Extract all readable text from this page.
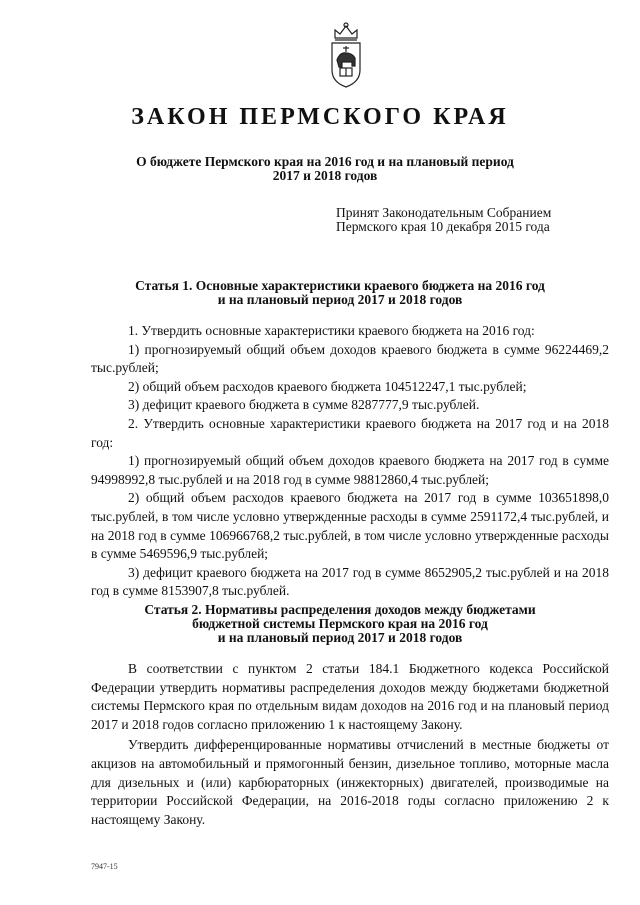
ЗАКОН ПЕРМСКОГО КРАЯ
О бюджете Пермского края на 2016 год и на плановый период
2017 и 2018 годов
Принят Законодательным Собранием
Пермского края 10 декабря 2015 года
Статья 1. Основные характеристики краевого бюджета на 2016 год
и на плановый период 2017 и 2018 годов

1. Утвердить основные характеристики краевого бюджета на 2016 год:

1) прогнозируемый общий объем доходов краевого бюджета в сумме 96224469,2 тыс.рублей;

2) общий объем расходов краевого бюджета 104512247,1 тыс.рублей;

3) дефицит краевого бюджета в сумме 8287777,9 тыс.рублей.

2. Утвердить основные характеристики краевого бюджета на 2017 год и на 2018 год:

1) прогнозируемый общий объем доходов краевого бюджета на 2017 год в сумме 94998992,8 тыс.рублей и на 2018 год в сумме 98812860,4 тыс.рублей;

2) общий объем расходов краевого бюджета на 2017 год в сумме 103651898,0 тыс.рублей, в том числе условно утвержденные расходы в сумме 2591172,4 тыс.рублей, и на 2018 год в сумме 106966768,2 тыс.рублей, в том числе условно утвержденные расходы в сумме 5469596,9 тыс.рублей;

3) дефицит краевого бюджета на 2017 год в сумме 8652905,2 тыс.рублей и на 2018 год в сумме 8153907,8 тыс.рублей.

Статья 2. Нормативы распределения доходов между бюджетами
бюджетной системы Пермского края на 2016 год
и на плановый период 2017 и 2018 годов

В соответствии с пунктом 2 статьи 184.1 Бюджетного кодекса Российской Федерации утвердить нормативы распределения доходов между бюджетами бюджетной системы Пермского края по отдельным видам доходов на 2016 год и на плановый период 2017 и 2018 годов согласно приложению 1 к настоящему Закону.

Утвердить дифференцированные нормативы отчислений в местные бюджеты от акцизов на автомобильный и прямогонный бензин, дизельное топливо, моторные масла для дизельных и (или) карбюраторных (инжекторных) двигателей, производимые на территории Российской Федерации, на 2016-2018 годы согласно приложению 2 к настоящему Закону.

7947-15
